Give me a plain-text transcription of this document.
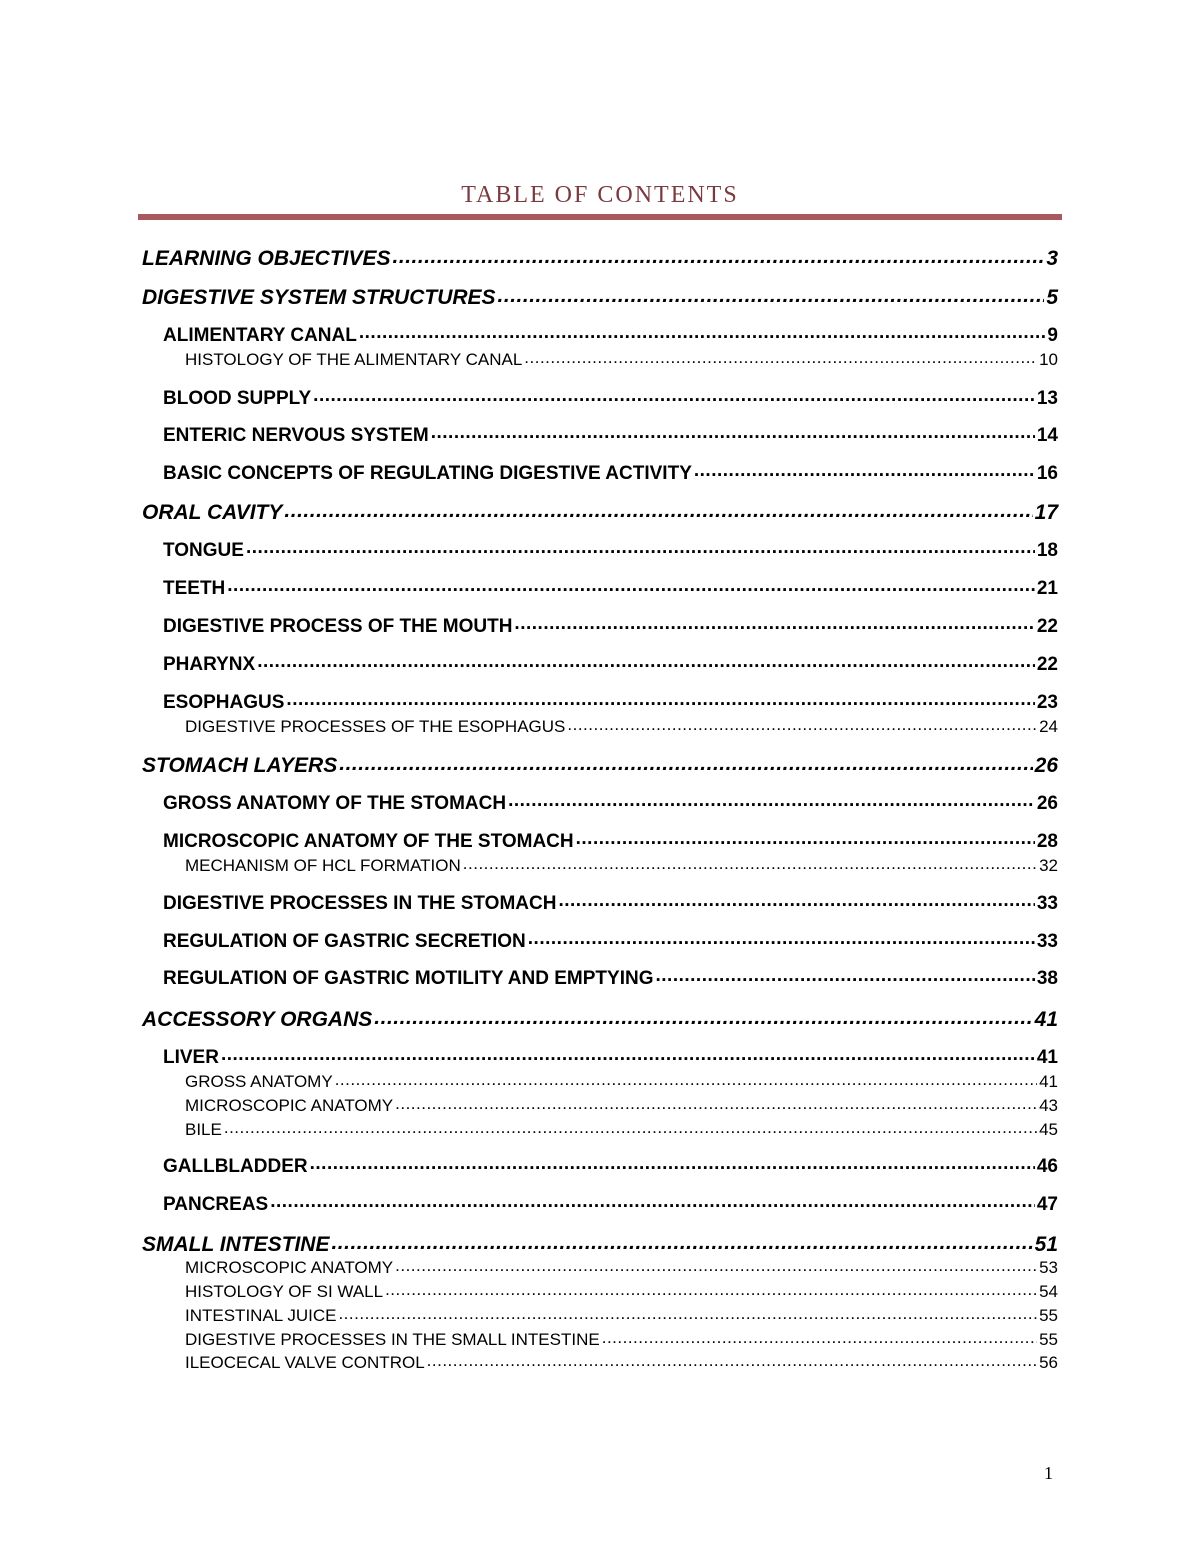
TABLE OF CONTENTS
LEARNING OBJECTIVES .....	3
DIGESTIVE SYSTEM STRUCTURES .....	5
ALIMENTARY CANAL .....	9
HISTOLOGY OF THE ALIMENTARY CANAL .....	10
BLOOD SUPPLY .....	13
ENTERIC NERVOUS SYSTEM .....	14
BASIC CONCEPTS OF REGULATING DIGESTIVE ACTIVITY .....	16
ORAL CAVITY .....	17
TONGUE .....	18
TEETH .....	21
DIGESTIVE PROCESS OF THE MOUTH .....	22
PHARYNX .....	22
ESOPHAGUS .....	23
DIGESTIVE PROCESSES OF THE ESOPHAGUS .....	24
STOMACH LAYERS .....	26
GROSS ANATOMY OF THE STOMACH .....	26
MICROSCOPIC ANATOMY OF THE STOMACH .....	28
MECHANISM OF HCL FORMATION .....	32
DIGESTIVE PROCESSES IN THE STOMACH .....	33
REGULATION OF GASTRIC SECRETION .....	33
REGULATION OF GASTRIC MOTILITY AND EMPTYING .....	38
ACCESSORY ORGANS .....	41
LIVER .....	41
GROSS ANATOMY .....	41
MICROSCOPIC ANATOMY .....	43
BILE .....	45
GALLBLADDER .....	46
PANCREAS .....	47
SMALL INTESTINE .....	51
MICROSCOPIC ANATOMY .....	53
HISTOLOGY OF SI WALL .....	54
INTESTINAL JUICE .....	55
DIGESTIVE PROCESSES IN THE SMALL INTESTINE .....	55
ILEOCECAL VALVE CONTROL .....	56
1
